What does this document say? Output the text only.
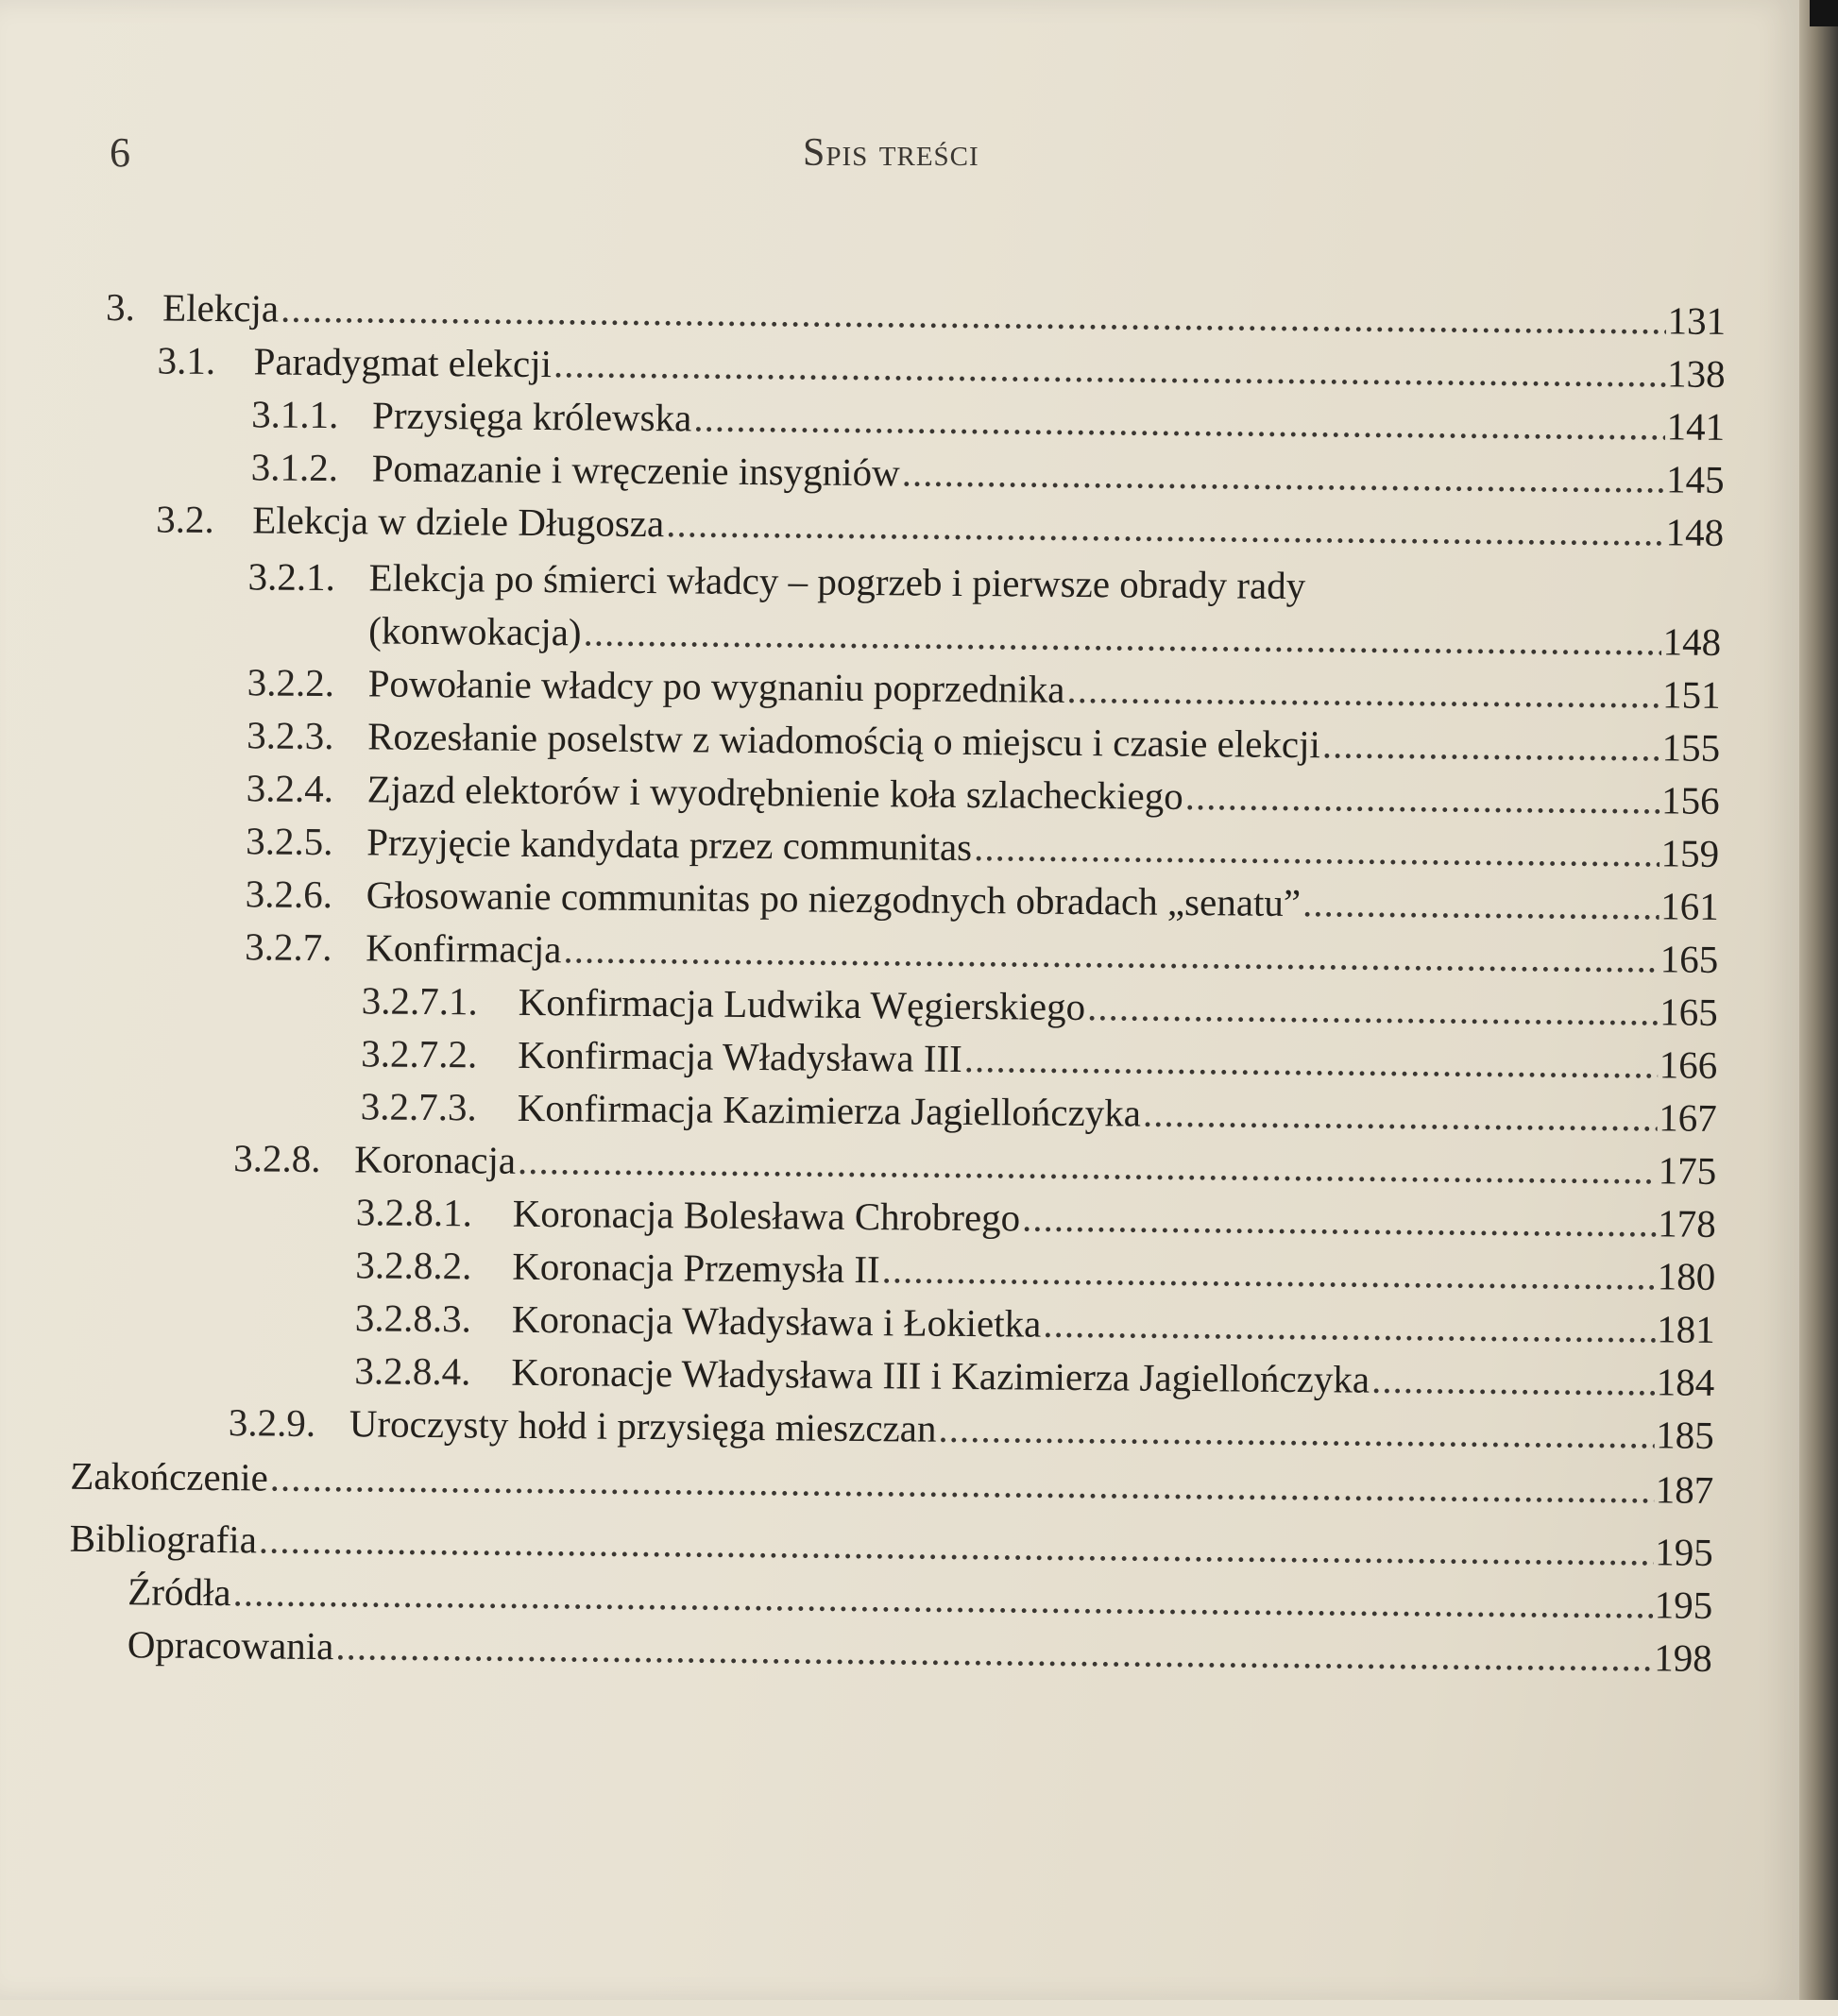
6	Spis treści
3. Elekcja .....	131
3.1. Paradygmat elekcji .....	138
3.1.1. Przysięga królewska .....	141
3.1.2. Pomazanie i wręczenie insygniów .....	145
3.2. Elekcja w dziele Długosza .....	148
3.2.1. Elekcja po śmierci władcy – pogrzeb i pierwsze obrady rady
(konwokacja) .....	148
3.2.2. Powołanie władcy po wygnaniu poprzednika .....	151
3.2.3. Rozesłanie poselstw z wiadomością o miejscu i czasie elekcji .....	155
3.2.4. Zjazd elektorów i wyodrębnienie koła szlacheckiego .....	156
3.2.5. Przyjęcie kandydata przez communitas .....	159
3.2.6. Głosowanie communitas po niezgodnych obradach „senatu” .....	161
3.2.7. Konfirmacja .....	165
3.2.7.1.	Konfirmacja Ludwika Węgierskiego .....	165
3.2.7.2.	Konfirmacja Władysława III .....	166
3.2.7.3.	Konfirmacja Kazimierza Jagiellończyka .....	167
3.2.8. Koronacja .....	175
3.2.8.1.	Koronacja Bolesława Chrobrego .....	178
3.2.8.2.	Koronacja Przemysła II .....	180
3.2.8.3.	Koronacja Władysława i Łokietka .....	181
3.2.8.4.	Koronacje Władysława III i Kazimierza Jagiellończyka .....	184
3.2.9. Uroczysty hołd i przysięga mieszczan .....	185
Zakończenie .....	187
Bibliografia .....	195
Źródła .....	195
Opracowania .....	198
